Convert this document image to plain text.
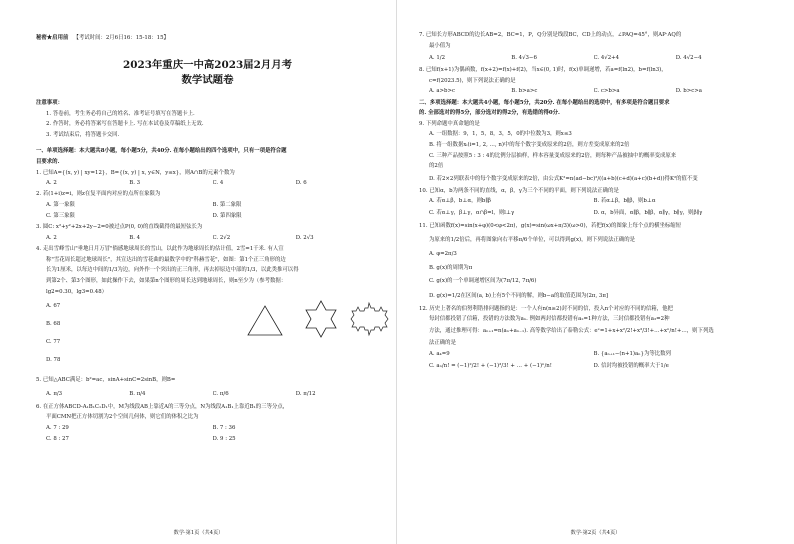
秘密★启用前 【考试时间：2月6日16：15-18：15】
2023年重庆一中高2023届2月月考
数学试题卷
注意事项：
1. 答卷前，考生务必将自己的姓名、准考证号填写在答题卡上.
2. 作答时，务必将答案写在答题卡上. 写在本试卷及草稿纸上无效.
3. 考试结束后，将答题卡交回.
一、单项选择题：本大题共8小题，每小题5分，共40分. 在每小题给出的四个选项中，只有一项是符合题
目要求的.
1. 已知A={(x, y) | xy=12}，B={(x, y) | x, y∈N，y≤x}，则A∩B的元素个数为
A. 2	B. 3	C. 4	D. 6
2. 若(1+i)z=i，则z在复平面内对应的点所在象限为
A. 第一象限	B. 第二象限
C. 第三象限	D. 第四象限
3. 圆C: x²+y²+2x+2y−2=0被过点P(0, 0)的直线截得的最短弦长为
A. 2	B. 4	C. 2√2	D. 2√3
4. 走出雪峰雪山"垂地日月万冒"倘感地球周长的雪山，以此作为地球周长的估计值，2雪=1千米. 有人宣
称"雪花周长超过地球周长"，其宣达出的雪花曲的最数学中的"科赫雪花"，如图：第1个正三角形的边
长为1厘米，以每边中间的1/3为边，向外作一个突出的正三角形，再去掉原边中部的1/3，以此类推可以得
到第2个、第3个图形，如此操作下去，如果第n个图形的周长达到地球周长，则n至少为（参考数据：
lg2=0.30，lg3=0.48）
A. 67
B. 68
C. 77
D. 78
5. 已知△ABC满足：b²=ac，sinA+sinC=2sinB，则B=
A. π/3	B. π/4	C. π/6	D. π/12
6. 在正方体ABCD-A₁B₁C₁D₁中，M为线段AB上靠近A的三等分点，N为线段A₁B₁上靠近B₁的三等分点，
平面CMN把正方体切割为2个空间几何体，则它们的体积之比为
A. 7 : 29	B. 7 : 36
C. 8 : 27	D. 9 : 25
数学·第1页（共4页）
7. 已知长方形ABCD的边长AB=2，BC=1，P，Q分别是线段BC，CD上的动点，∠PAQ=45°，则AP·AQ的
最小值为
A. 1/2	B. 4√3−6	C. 4√2+4	D. 4√2−4
8. 已知f(x+1)为偶函数，f(x+2)=f(x)+f(2)，当x∈(0, 1)时，f(x)单调递增，若a=f(ln2)，b=f(ln3)，
c=f(2023.5)，则下列说法正确的是
A. a>b>c	B. b>a>c	C. c>b>a	D. b>c>a
二、多项选择题：本大题共4小题，每小题5分，共20分. 在每小题给出的选项中，有多项是符合题目要求
的. 全部选对的得5分，部分选对的得2分，有选错的得0分.
9. 下列命题中真命题的是
A. 一组数据：9，1，5，8，3，5，0的中位数为3，则x≤3
B. 将一组数据xᵢ(i=1, 2, …, n)中的每个数字变成原来的2倍，则方差变成原来的2倍
C. 三种产品按照5 : 3 : 4的比例分层抽样，样本容量变成原来的2倍，则每种产品被抽中的概率变成原来
的2倍
D. 若2×2列联表中的每个数字变成原来的2倍，由公式K²=n(ad−bc)²/((a+b)(c+d)(a+c)(b+d))得K²的值不变
10. 已知α，b为两条不同的直线，α，β，γ为三个不同的平面，则下列说法正确的是
A. 若α⊥β，b⊥α，则b∥β	B. 若α⊥β，b∥β，则b⊥α
C. 若α⊥γ，β⊥γ，α∩β=l，则l⊥γ	D. α，b异面，α∥β，b∥β，α∥γ，b∥γ，则β∥γ
11. 已知函数f(x)=sin(x+φ)(0<φ<2π)，g(x)=sin(ωx+π/3)(ω>0)，若把f(x)的图象上每个点的横坐标缩短
为原来的1/2倍后，再将图象向右平移π/6个单位，可以得到g(x)，则下列说法正确的是
A. φ=2π/3
B. g(x)的周期为π
C. g(x)的一个单调递增区间为(7π/12, 7π/6)
D. g(x)=1/2在区间(a, b)上有5个不同的解，则b−a的取值范围为(2π, 3π]
12. 历史上著名的伯努利错排问题指的是：一个人有n(n≥2)封不同的信，投入n个对应的不同的信箱，他把
每封信都投错了信箱，投错的方法数为aₙ. 例如两封信都投错有a₂=1种方法，三封信都投错有a₃=2种
方法，通过推理可得：aₙ₊₁=n(aₙ+aₙ₋₁). 高等数学给出了泰勒公式：eˣ=1+x+x²/2!+x³/3!+…+xⁿ/n!+…，则下列选
法正确的是
A. a₄=9	B. {aₙ₊₁−(n+1)aₙ}为等比数列
C. aₙ/n! = (−1)²/2! + (−1)³/3! + … + (−1)ⁿ/n!	D. 信封均被投错的概率大于1/e
数学·第2页（共4页）
